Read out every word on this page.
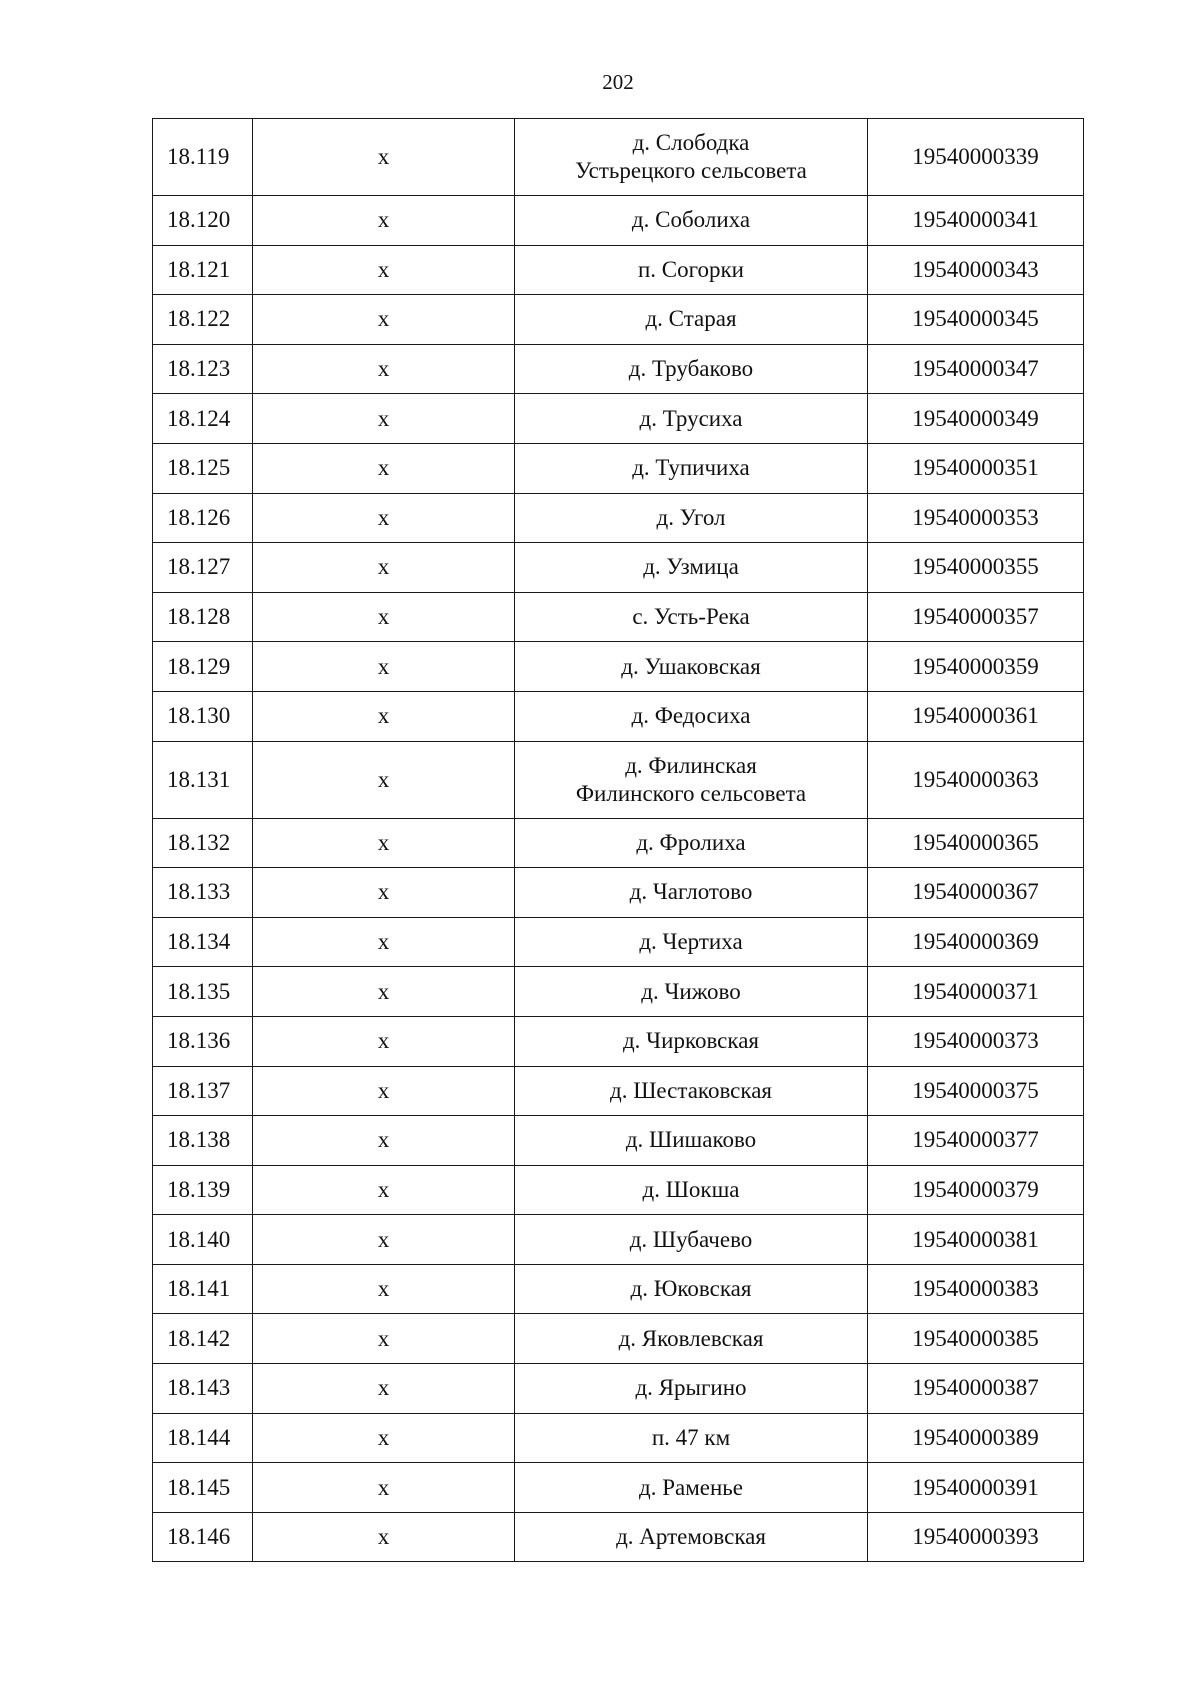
202
18.119	х	д. Слободка
Устьрецкого сельсовета	19540000339
18.120	х	д. Соболиха	19540000341
18.121	х	п. Согорки	19540000343
18.122	х	д. Старая	19540000345
18.123	х	д. Трубаково	19540000347
18.124	х	д. Трусиха	19540000349
18.125	х	д. Тупичиха	19540000351
18.126	х	д. Угол	19540000353
18.127	х	д. Узмица	19540000355
18.128	х	с. Усть-Река	19540000357
18.129	х	д. Ушаковская	19540000359
18.130	х	д. Федосиха	19540000361
18.131	х	д. Филинская
Филинского сельсовета	19540000363
18.132	х	д. Фролиха	19540000365
18.133	х	д. Чаглотово	19540000367
18.134	х	д. Чертиха	19540000369
18.135	х	д. Чижово	19540000371
18.136	х	д. Чирковская	19540000373
18.137	х	д. Шестаковская	19540000375
18.138	х	д. Шишаково	19540000377
18.139	х	д. Шокша	19540000379
18.140	х	д. Шубачево	19540000381
18.141	х	д. Юковская	19540000383
18.142	х	д. Яковлевская	19540000385
18.143	х	д. Ярыгино	19540000387
18.144	х	п. 47 км	19540000389
18.145	х	д. Раменье	19540000391
18.146	х	д. Артемовская	19540000393
